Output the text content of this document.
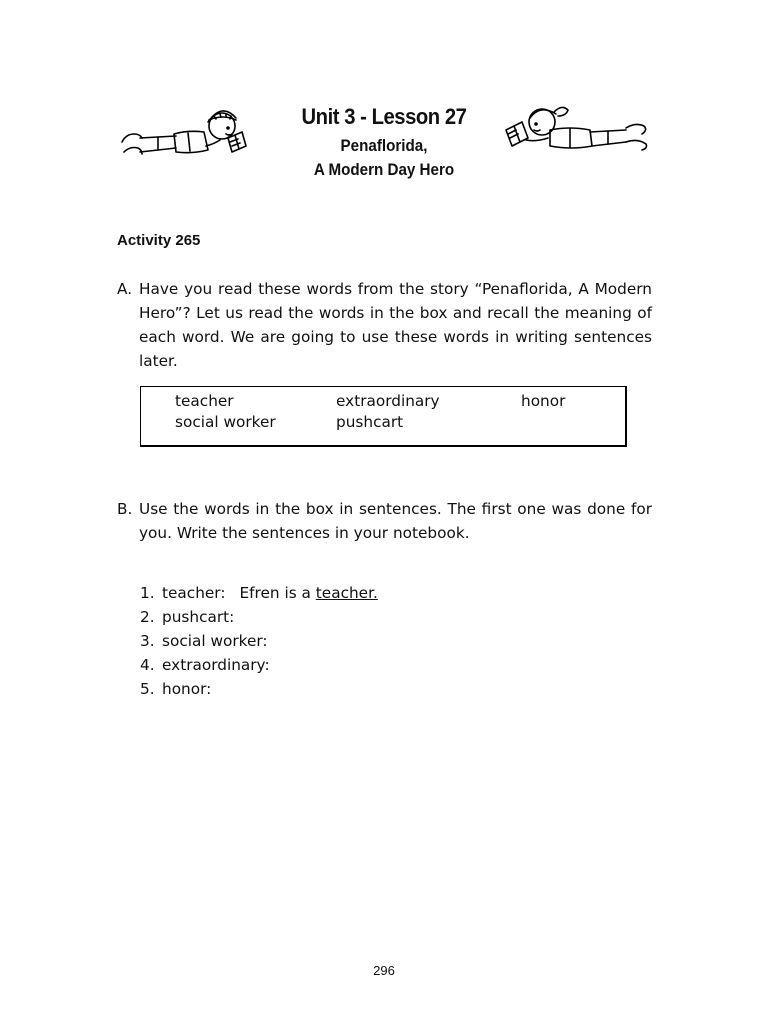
Unit 3 - Lesson 27
Penaflorida,
A Modern Day Hero
Activity 265
A. Have you read these words from the story “Penaflorida, A Modern Hero”? Let us read the words in the box and recall the meaning of each word. We are going to use these words in writing sentences later.
teacher	extraordinary	honor
social worker	pushcart
B. Use the words in the box in sentences. The first one was done for you. Write the sentences in your notebook.
1. teacher: Efren is a teacher.
2. pushcart:
3. social worker:
4. extraordinary:
5. honor:
296
